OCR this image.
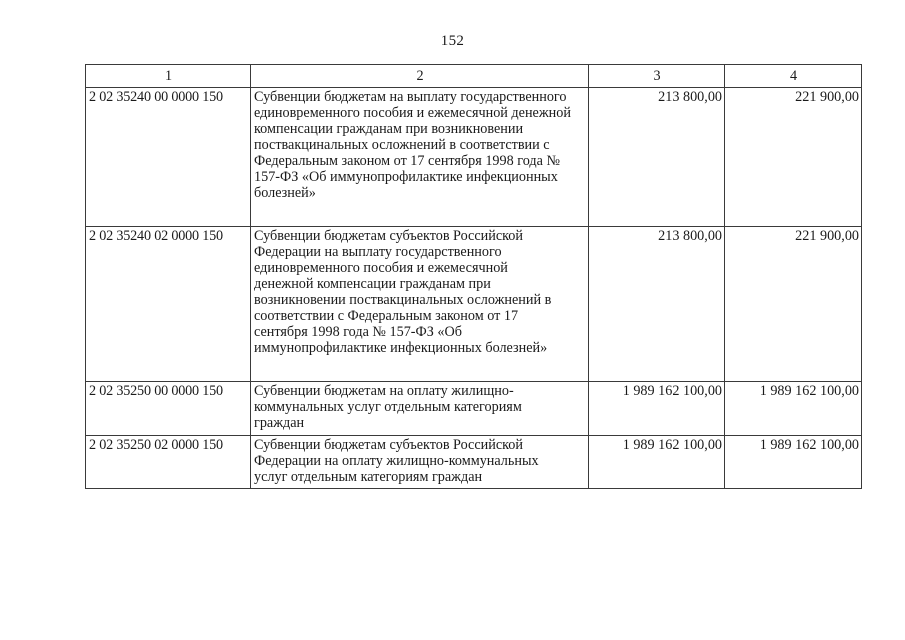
152
1	2	3	4
2 02 35240 00 0000 150	Субвенции бюджетам на выплату государственного единовременного пособия и ежемесячной денежной компенсации гражданам при возникновении поствакцинальных осложнений в соответствии с Федеральным законом от 17 сентября 1998 года № 157-ФЗ «Об иммунопрофилактике инфекционных болезней»	213 800,00	221 900,00
2 02 35240 02 0000 150	Субвенции бюджетам субъектов Российской Федерации на выплату государственного единовременного пособия и ежемесячной денежной компенсации гражданам при возникновении поствакцинальных осложнений в соответствии с Федеральным законом от 17 сентября 1998 года № 157-ФЗ «Об иммунопрофилактике инфекционных болезней»	213 800,00	221 900,00
2 02 35250 00 0000 150	Субвенции бюджетам на оплату жилищно-коммунальных услуг отдельным категориям граждан	1 989 162 100,00	1 989 162 100,00
2 02 35250 02 0000 150	Субвенции бюджетам субъектов Российской Федерации на оплату жилищно-коммунальных услуг отдельным категориям граждан	1 989 162 100,00	1 989 162 100,00
